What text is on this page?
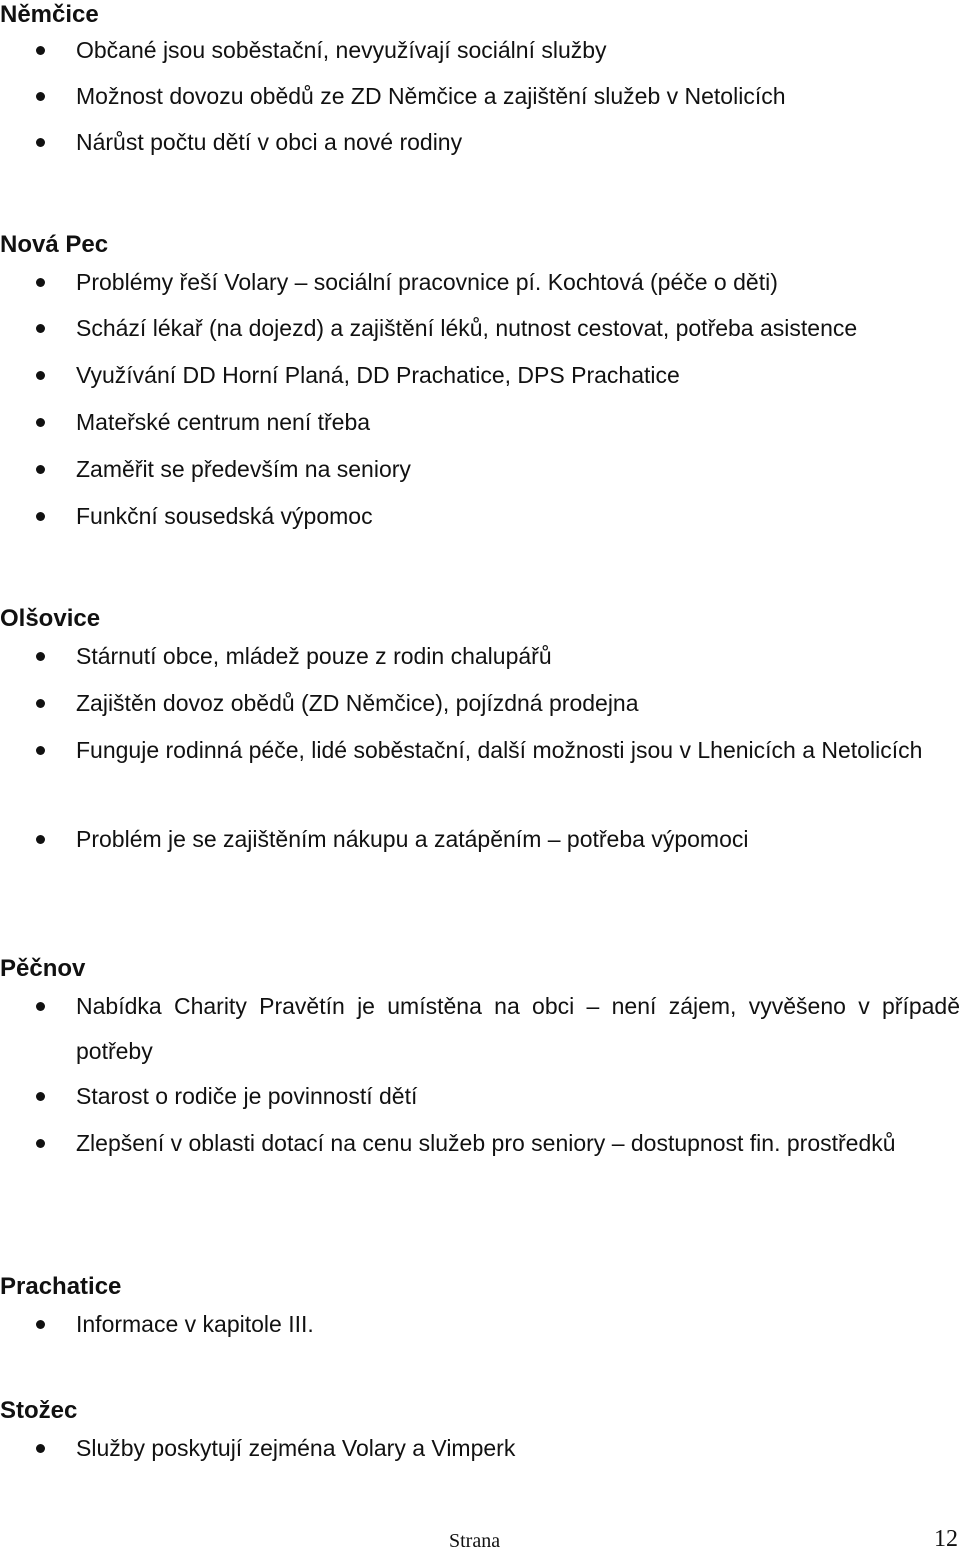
Němčice
Občané jsou soběstační, nevyužívají sociální služby
Možnost dovozu obědů ze ZD Němčice a zajištění služeb v Netolicích
Nárůst počtu dětí v obci a nové rodiny
Nová Pec
Problémy řeší Volary – sociální pracovnice pí. Kochtová (péče o děti)
Schází lékař (na dojezd) a zajištění léků, nutnost cestovat, potřeba asistence
Využívání DD Horní Planá, DD Prachatice, DPS Prachatice
Mateřské centrum není třeba
Zaměřit se především na seniory
Funkční sousedská výpomoc
Olšovice
Stárnutí obce, mládež pouze z rodin chalupářů
Zajištěn dovoz obědů (ZD Němčice), pojízdná prodejna
Funguje rodinná péče, lidé soběstační, další možnosti jsou v Lhenicích a Netolicích
Problém je se zajištěním nákupu a zatápěním – potřeba výpomoci
Pěčnov
Nabídka Charity Pravětín je umístěna na obci – není zájem, vyvěšeno v případě potřeby
Starost o rodiče je povinností dětí
Zlepšení v oblasti dotací na cenu služeb pro seniory – dostupnost fin. prostředků
Prachatice
Informace v kapitole III.
Stožec
Služby poskytují zejména Volary a Vimperk
Strana	12
